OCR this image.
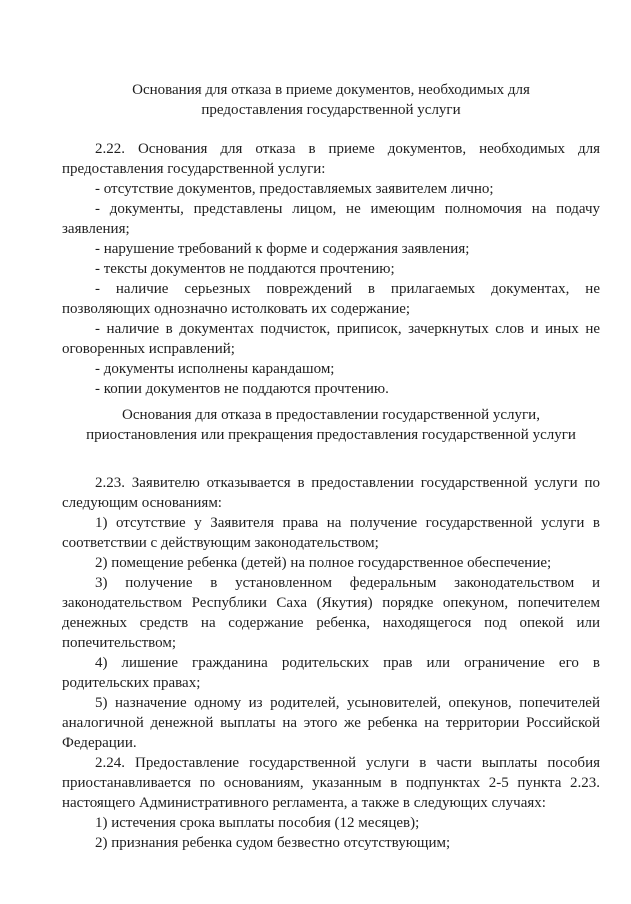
Основания для отказа в приеме документов, необходимых для
предоставления государственной услуги

2.22. Основания для отказа в приеме документов, необходимых для предоставления государственной услуги:

- отсутствие документов, предоставляемых заявителем лично;

- документы, представлены лицом, не имеющим полномочия на подачу заявления;

- нарушение требований к форме и содержания заявления;

- тексты документов не поддаются прочтению;

- наличие серьезных повреждений в прилагаемых документах, не позволяющих однозначно истолковать их содержание;

- наличие в документах подчисток, приписок, зачеркнутых слов и иных не оговоренных исправлений;

- документы исполнены карандашом;

- копии документов не поддаются прочтению.

Основания для отказа в предоставлении государственной услуги,
приостановления или прекращения предоставления государственной услуги

2.23. Заявителю отказывается в предоставлении государственной услуги по следующим основаниям:

1) отсутствие у Заявителя права на получение государственной услуги в соответствии с действующим законодательством;

2) помещение ребенка (детей) на полное государственное обеспечение;

3) получение в установленном федеральным законодательством и законодательством Республики Саха (Якутия) порядке опекуном, попечителем денежных средств на содержание ребенка, находящегося под опекой или попечительством;

4) лишение гражданина родительских прав или ограничение его в родительских правах;

5) назначение одному из родителей, усыновителей, опекунов, попечителей аналогичной денежной выплаты на этого же ребенка на территории Российской Федерации.

2.24. Предоставление государственной услуги в части выплаты пособия приостанавливается по основаниям, указанным в подпунктах 2-5 пункта 2.23. настоящего Административного регламента, а также в следующих случаях:

1) истечения срока выплаты пособия (12 месяцев);

2) признания ребенка судом безвестно отсутствующим;
